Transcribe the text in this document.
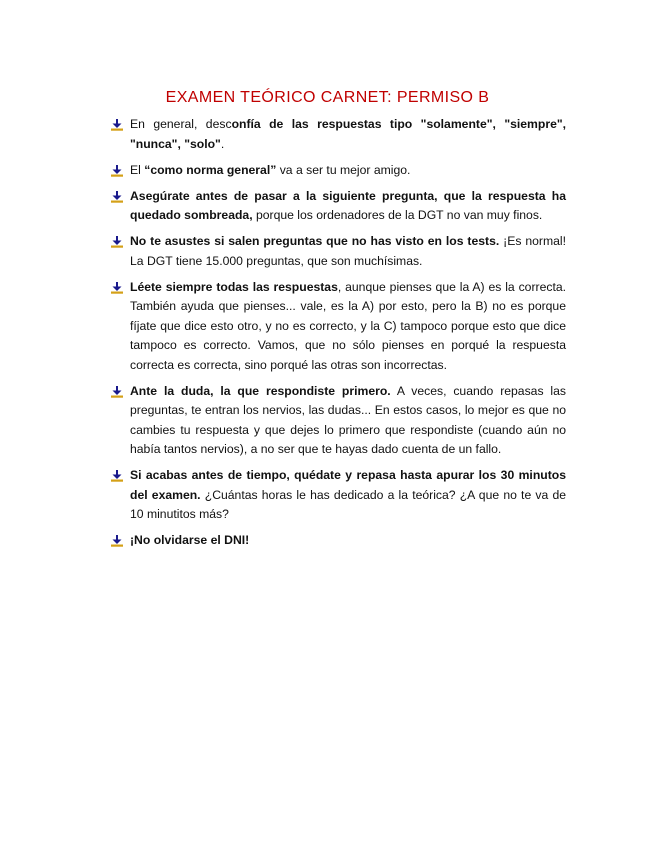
EXAMEN TEÓRICO CARNET: PERMISO B
En general, desconfía de las respuestas tipo "solamente", "siempre", "nunca", "solo".
El “como norma general” va a ser tu mejor amigo.
Asegúrate antes de pasar a la siguiente pregunta, que la respuesta ha quedado sombreada, porque los ordenadores de la DGT no van muy finos.
No te asustes si salen preguntas que no has visto en los tests. ¡Es normal! La DGT tiene 15.000 preguntas, que son muchísimas.
Léete siempre todas las respuestas, aunque pienses que la A) es la correcta. También ayuda que pienses... vale, es la A) por esto, pero la B) no es porque fíjate que dice esto otro, y no es correcto, y la C) tampoco porque esto que dice tampoco es correcto. Vamos, que no sólo pienses en porqué la respuesta correcta es correcta, sino porqué las otras son incorrectas.
Ante la duda, la que respondiste primero. A veces, cuando repasas las preguntas, te entran los nervios, las dudas... En estos casos, lo mejor es que no cambies tu respuesta y que dejes lo primero que respondiste (cuando aún no había tantos nervios), a no ser que te hayas dado cuenta de un fallo.
Si acabas antes de tiempo, quédate y repasa hasta apurar los 30 minutos del examen. ¿Cuántas horas le has dedicado a la teórica? ¿A que no te va de 10 minutitos más?
¡No olvidarse el DNI!
